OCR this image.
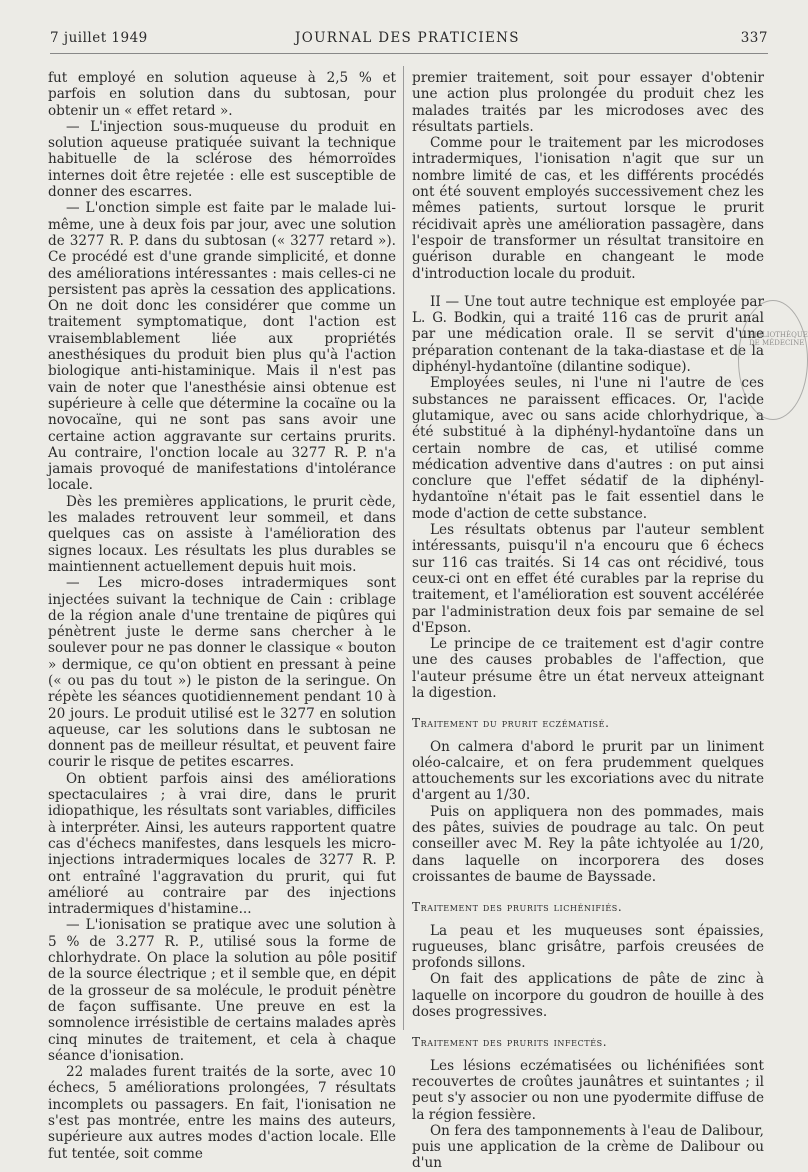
7 juillet 1949	JOURNAL DES PRATICIENS	337

fut employé en solution aqueuse à 2,5 % et parfois en solution dans du subtosan, pour obtenir un « effet retard ».

— L'injection sous-muqueuse du produit en solution aqueuse pratiquée suivant la technique habituelle de la sclérose des hémorroïdes internes doit être rejetée : elle est susceptible de donner des escarres.

— L'onction simple est faite par le malade lui-même, une à deux fois par jour, avec une solution de 3277 R. P. dans du subtosan (« 3277 retard »). Ce procédé est d'une grande simplicité, et donne des améliorations intéressantes : mais celles-ci ne persistent pas après la cessation des applications. On ne doit donc les considérer que comme un traitement symptomatique, dont l'action est vraisemblablement liée aux propriétés anesthésiques du produit bien plus qu'à l'action biologique anti-histaminique. Mais il n'est pas vain de noter que l'anesthésie ainsi obtenue est supérieure à celle que détermine la cocaïne ou la novocaïne, qui ne sont pas sans avoir une certaine action aggravante sur certains prurits. Au contraire, l'onction locale au 3277 R. P. n'a jamais provoqué de manifestations d'intolérance locale.

Dès les premières applications, le prurit cède, les malades retrouvent leur sommeil, et dans quelques cas on assiste à l'amélioration des signes locaux. Les résultats les plus durables se maintiennent actuellement depuis huit mois.

— Les micro-doses intradermiques sont injectées suivant la technique de Cain : criblage de la région anale d'une trentaine de piqûres qui pénètrent juste le derme sans chercher à le soulever pour ne pas donner le classique « bouton » dermique, ce qu'on obtient en pressant à peine (« ou pas du tout ») le piston de la seringue. On répète les séances quotidiennement pendant 10 à 20 jours. Le produit utilisé est le 3277 en solution aqueuse, car les solutions dans le subtosan ne donnent pas de meilleur résultat, et peuvent faire courir le risque de petites escarres.

On obtient parfois ainsi des améliorations spectaculaires ; à vrai dire, dans le prurit idiopathique, les résultats sont variables, difficiles à interpréter. Ainsi, les auteurs rapportent quatre cas d'échecs manifestes, dans lesquels les micro-injections intradermiques locales de 3277 R. P. ont entraîné l'aggravation du prurit, qui fut amélioré au contraire par des injections intradermiques d'histamine...

— L'ionisation se pratique avec une solution à 5 % de 3.277 R. P., utilisé sous la forme de chlorhydrate. On place la solution au pôle positif de la source électrique ; et il semble que, en dépit de la grosseur de sa molécule, le produit pénètre de façon suffisante. Une preuve en est la somnolence irrésistible de certains malades après cinq minutes de traitement, et cela à chaque séance d'ionisation.

22 malades furent traités de la sorte, avec 10 échecs, 5 améliorations prolongées, 7 résultats incomplets ou passagers. En fait, l'ionisation ne s'est pas montrée, entre les mains des auteurs, supérieure aux autres modes d'action locale. Elle fut tentée, soit comme

premier traitement, soit pour essayer d'obtenir une action plus prolongée du produit chez les malades traités par les microdoses avec des résultats partiels.

Comme pour le traitement par les microdoses intradermiques, l'ionisation n'agit que sur un nombre limité de cas, et les différents procédés ont été souvent employés successivement chez les mêmes patients, surtout lorsque le prurit récidivait après une amélioration passagère, dans l'espoir de transformer un résultat transitoire en guérison durable en changeant le mode d'introduction locale du produit.

II — Une tout autre technique est employée par L. G. Bodkin, qui a traité 116 cas de prurit anal par une médication orale. Il se servit d'une préparation contenant de la taka-diastase et de la diphényl-hydantoïne (dilantine sodique).

Employées seules, ni l'une ni l'autre de ces substances ne paraissent efficaces. Or, l'acide glutamique, avec ou sans acide chlorhydrique, a été substitué à la diphényl-hydantoïne dans un certain nombre de cas, et utilisé comme médication adventive dans d'autres : on put ainsi conclure que l'effet sédatif de la diphényl-hydantoïne n'était pas le fait essentiel dans le mode d'action de cette substance.

Les résultats obtenus par l'auteur semblent intéressants, puisqu'il n'a encouru que 6 échecs sur 116 cas traités. Si 14 cas ont récidivé, tous ceux-ci ont en effet été curables par la reprise du traitement, et l'amélioration est souvent accélérée par l'administration deux fois par semaine de sel d'Epson.

Le principe de ce traitement est d'agir contre une des causes probables de l'affection, que l'auteur présume être un état nerveux atteignant la digestion.

Traitement du prurit eczématisé.

On calmera d'abord le prurit par un liniment oléo-calcaire, et on fera prudemment quelques attouchements sur les excoriations avec du nitrate d'argent au 1/30.

Puis on appliquera non des pommades, mais des pâtes, suivies de poudrage au talc. On peut conseiller avec M. Rey la pâte ichtyolée au 1/20, dans laquelle on incorporera des doses croissantes de baume de Bayssade.

Traitement des prurits lichénifiés.

La peau et les muqueuses sont épaissies, rugueuses, blanc grisâtre, parfois creusées de profonds sillons.

On fait des applications de pâte de zinc à laquelle on incorpore du goudron de houille à des doses progressives.

Traitement des prurits infectés.

Les lésions eczématisées ou lichénifiées sont recouvertes de croûtes jaunâtres et suintantes ; il peut s'y associer ou non une pyodermite diffuse de la région fessière.

On fera des tamponnements à l'eau de Dalibour, puis une application de la crème de Dalibour ou d'un

BIBLIOTHÈQUE DE MÉDECINE
